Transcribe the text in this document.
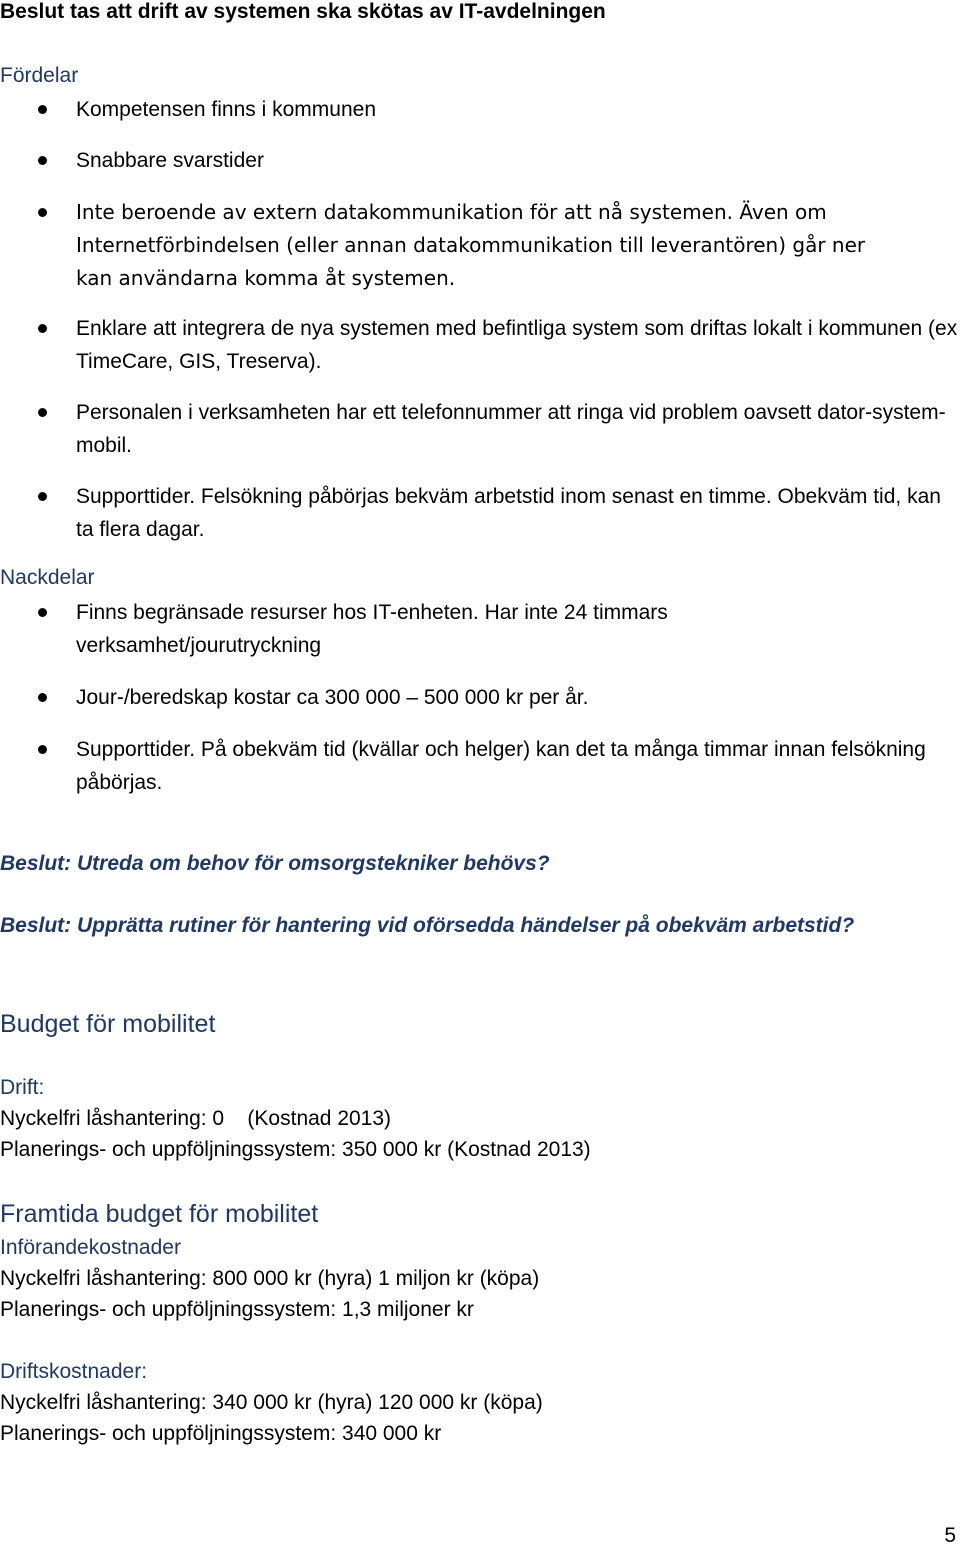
Beslut tas att drift av systemen ska skötas av IT-avdelningen
Fördelar
Kompetensen finns i kommunen
Snabbare svarstider
Inte beroende av extern datakommunikation för att nå systemen. Även om Internetförbindelsen (eller annan datakommunikation till leverantören) går ner kan användarna komma åt systemen.
Enklare att integrera de nya systemen med befintliga system som driftas lokalt i kommunen (ex TimeCare, GIS, Treserva).
Personalen i verksamheten har ett telefonnummer att ringa vid problem oavsett dator-system-mobil.
Supporttider. Felsökning påbörjas bekväm arbetstid inom senast en timme. Obekväm tid, kan ta flera dagar.
Nackdelar
Finns begränsade resurser hos IT-enheten. Har inte 24 timmars verksamhet/jourutryckning
Jour-/beredskap kostar ca 300 000 – 500 000 kr per år.
Supporttider. På obekväm tid (kvällar och helger) kan det ta många timmar innan felsökning påbörjas.
Beslut: Utreda om behov för omsorgstekniker behövs?
Beslut: Upprätta rutiner för hantering vid oförsedda händelser på obekväm arbetstid?
Budget för mobilitet
Drift:
Nyckelfri låshantering: 0    (Kostnad 2013)
Planerings- och uppföljningssystem: 350 000 kr (Kostnad 2013)
Framtida budget för mobilitet
Införandekostnader
Nyckelfri låshantering: 800 000 kr (hyra) 1 miljon kr (köpa)
Planerings- och uppföljningssystem: 1,3 miljoner kr
Driftskostnader:
Nyckelfri låshantering: 340 000 kr (hyra) 120 000 kr (köpa)
Planerings- och uppföljningssystem: 340 000 kr
5
